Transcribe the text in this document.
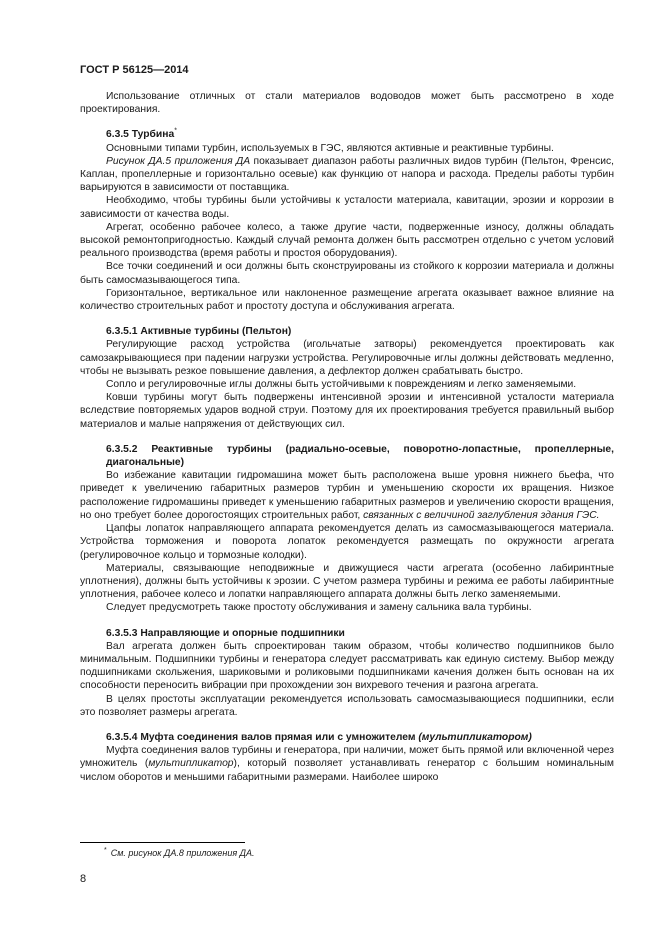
ГОСТ Р 56125—2014

Использование отличных от стали материалов водоводов может быть рассмотрено в ходе проектирования.

6.3.5 Турбина*

Основными типами турбин, используемых в ГЭС, являются активные и реактивные турбины.

Рисунок ДА.5 приложения ДА показывает диапазон работы различных видов турбин (Пельтон, Френсис, Каплан, пропеллерные и горизонтально осевые) как функцию от напора и расхода. Пределы работы турбин варьируются в зависимости от поставщика.

Необходимо, чтобы турбины были устойчивы к усталости материала, кавитации, эрозии и коррозии в зависимости от качества воды.

Агрегат, особенно рабочее колесо, а также другие части, подверженные износу, должны обладать высокой ремонтопригодностью. Каждый случай ремонта должен быть рассмотрен отдельно с учетом условий реального производства (время работы и простоя оборудования).

Все точки соединений и оси должны быть сконструированы из стойкого к коррозии материала и должны быть самосмазывающегося типа.

Горизонтальное, вертикальное или наклоненное размещение агрегата оказывает важное влияние на количество строительных работ и простоту доступа и обслуживания агрегата.

6.3.5.1 Активные турбины (Пельтон)

Регулирующие расход устройства (игольчатые затворы) рекомендуется проектировать как самозакрывающиеся при падении нагрузки устройства. Регулировочные иглы должны действовать медленно, чтобы не вызывать резкое повышение давления, а дефлектор должен срабатывать быстро.

Сопло и регулировочные иглы должны быть устойчивыми к повреждениям и легко заменяемыми.

Ковши турбины могут быть подвержены интенсивной эрозии и интенсивной усталости материала вследствие повторяемых ударов водной струи. Поэтому для их проектирования требуется правильный выбор материалов и малые напряжения от действующих сил.

6.3.5.2 Реактивные турбины (радиально-осевые, поворотно-лопастные, пропеллерные, диагональные)

Во избежание кавитации гидромашина может быть расположена выше уровня нижнего бьефа, что приведет к увеличению габаритных размеров турбин и уменьшению скорости их вращения. Низкое расположение гидромашины приведет к уменьшению габаритных размеров и увеличению скорости вращения, но оно требует более дорогостоящих строительных работ, связанных с величиной заглубления здания ГЭС.

Цапфы лопаток направляющего аппарата рекомендуется делать из самосмазывающегося материала. Устройства торможения и поворота лопаток рекомендуется размещать по окружности агрегата (регулировочное кольцо и тормозные колодки).

Материалы, связывающие неподвижные и движущиеся части агрегата (особенно лабиринтные уплотнения), должны быть устойчивы к эрозии. С учетом размера турбины и режима ее работы лабиринтные уплотнения, рабочее колесо и лопатки направляющего аппарата должны быть легко заменяемыми.

Следует предусмотреть также простоту обслуживания и замену сальника вала турбины.

6.3.5.3 Направляющие и опорные подшипники

Вал агрегата должен быть спроектирован таким образом, чтобы количество подшипников было минимальным. Подшипники турбины и генератора следует рассматривать как единую систему. Выбор между подшипниками скольжения, шариковыми и роликовыми подшипниками качения должен быть основан на их способности переносить вибрации при прохождении зон вихревого течения и разгона агрегата.

В целях простоты эксплуатации рекомендуется использовать самосмазывающиеся подшипники, если это позволяет размеры агрегата.

6.3.5.4 Муфта соединения валов прямая или с умножителем (мультипликатором)

Муфта соединения валов турбины и генератора, при наличии, может быть прямой или включенной через умножитель (мультипликатор), который позволяет устанавливать генератор с большим номинальным числом оборотов и меньшими габаритными размерами. Наиболее широко

* См. рисунок ДА.8 приложения ДА.
8
